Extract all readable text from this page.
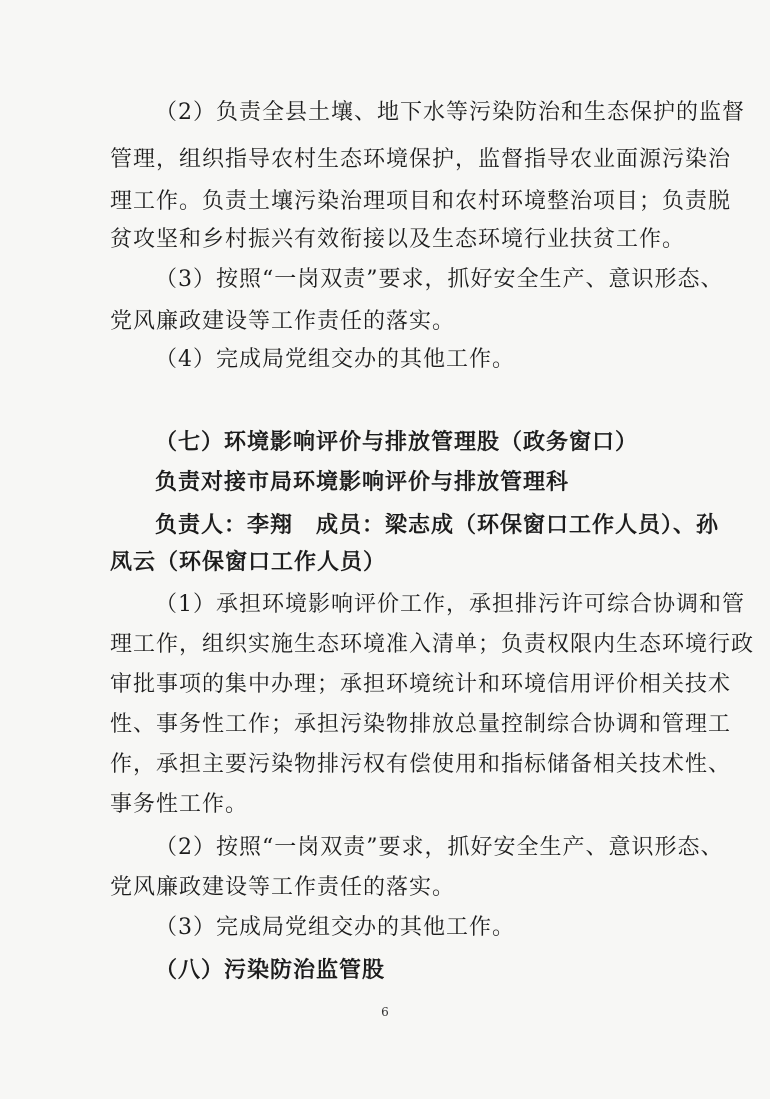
（2）负责全县土壤、地下水等污染防治和生态保护的监督
管理，组织指导农村生态环境保护，监督指导农业面源污染治
理工作。负责土壤污染治理项目和农村环境整治项目；负责脱
贫攻坚和乡村振兴有效衔接以及生态环境行业扶贫工作。
（3）按照“一岗双责”要求，抓好安全生产、意识形态、
党风廉政建设等工作责任的落实。
（4）完成局党组交办的其他工作。
（七）环境影响评价与排放管理股（政务窗口）
负责对接市局环境影响评价与排放管理科
负责人：李翔　成员：梁志成（环保窗口工作人员）、孙
凤云（环保窗口工作人员）
（1）承担环境影响评价工作，承担排污许可综合协调和管
理工作，组织实施生态环境准入清单；负责权限内生态环境行政
审批事项的集中办理；承担环境统计和环境信用评价相关技术
性、事务性工作；承担污染物排放总量控制综合协调和管理工
作，承担主要污染物排污权有偿使用和指标储备相关技术性、
事务性工作。
（2）按照“一岗双责”要求，抓好安全生产、意识形态、
党风廉政建设等工作责任的落实。
（3）完成局党组交办的其他工作。
（八）污染防治监管股
6
